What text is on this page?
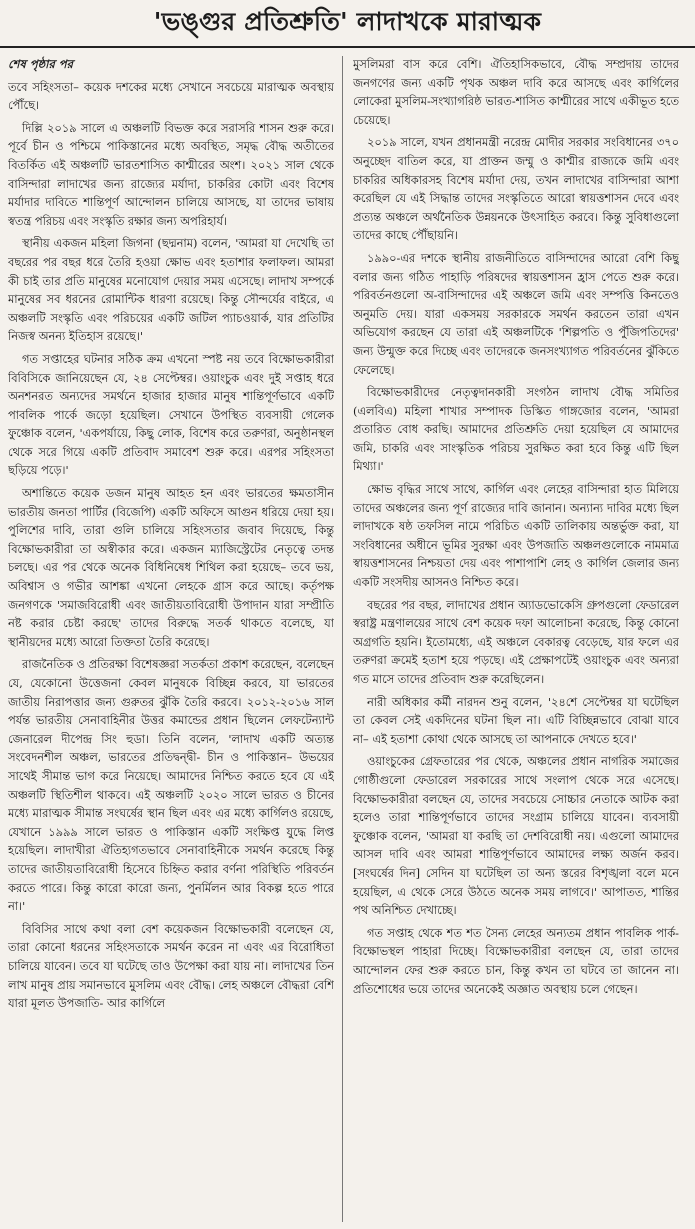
'ভঙ্গুর প্রতিশ্রুতি' লাদাখকে মারাত্মক

শেষ পৃষ্ঠার পর

তবে সহিংসতা– কয়েক দশকের মধ্যে সেখানে সবচেয়ে মারাত্মক অবস্থায় পৌঁছে।

দিল্লি ২০১৯ সালে এ অঞ্চলটি বিভক্ত করে সরাসরি শাসন শুরু করে। পূর্বে চীন ও পশ্চিমে পাকিস্তানের মধ্যে অবস্থিত, সমৃদ্ধ বৌদ্ধ অতীতের বিতর্কিত এই অঞ্চলটি ভারতশাসিত কাশ্মীরের অংশ। ২০২১ সাল থেকে বাসিন্দারা লাদাখের জন্য রাজ্যের মর্যাদা, চাকরির কোটা এবং বিশেষ মর্যাদার দাবিতে শান্তিপূর্ণ আন্দোলন চালিয়ে আসছে, যা তাদের ভাষায় স্বতন্ত্র পরিচয় এবং সংস্কৃতি রক্ষার জন্য অপরিহার্য।

স্থানীয় একজন মহিলা জিগনা (ছদ্মনাম) বলেন, 'আমরা যা দেখেছি তা বছরের পর বছর ধরে তৈরি হওয়া ক্ষোভ এবং হতাশার ফলাফল। আমরা কী চাই তার প্রতি মানুষের মনোযোগ দেয়ার সময় এসেছে। লাদাখ সম্পর্কে মানুষের সব ধরনের রোমান্টিক ধারণা রয়েছে। কিন্তু সৌন্দর্যের বাইরে, এ অঞ্চলটি সংস্কৃতি এবং পরিচয়ের একটি জটিল প্যাচওয়ার্ক, যার প্রতিটির নিজস্ব অনন্য ইতিহাস রয়েছে।'

গত সপ্তাহের ঘটনার সঠিক ক্রম এখনো স্পষ্ট নয় তবে বিক্ষোভকারীরা বিবিসিকে জানিয়েছেন যে, ২৪ সেপ্টেম্বর। ওয়াংচুক এবং দুই সপ্তাহ ধরে অনশনরত অন্যদের সমর্থনে হাজার হাজার মানুষ শান্তিপূর্ণভাবে একটি পাবলিক পার্কে জড়ো হয়েছিল। সেখানে উপস্থিত ব্যবসায়ী গেলেক ফুঞ্চোক বলেন, 'একপর্যায়ে, কিছু লোক, বিশেষ করে তরুণরা, অনুষ্ঠানস্থল থেকে সরে গিয়ে একটি প্রতিবাদ সমাবেশ শুরু করে। এরপর সহিংসতা ছড়িয়ে পড়ে।'

অশান্তিতে কয়েক ডজন মানুষ আহত হন এবং ভারতের ক্ষমতাসীন ভারতীয় জনতা পার্টির (বিজেপি) একটি অফিসে আগুন ধরিয়ে দেয়া হয়। পুলিশের দাবি, তারা গুলি চালিয়ে সহিংসতার জবাব দিয়েছে, কিন্তু বিক্ষোভকারীরা তা অস্বীকার করে। একজন ম্যাজিস্ট্রেটের নেতৃত্বে তদন্ত চলছে। এর পর থেকে অনেক বিধিনিষেধ শিথিল করা হয়েছে– তবে ভয়, অবিশ্বাস ও গভীর আশঙ্কা এখনো লেহকে গ্রাস করে আছে। কর্তৃপক্ষ জনগণকে 'সমাজবিরোধী এবং জাতীয়তাবিরোধী উপাদান যারা সম্প্রীতি নষ্ট করার চেষ্টা করছে' তাদের বিরুদ্ধে সতর্ক থাকতে বলেছে, যা স্থানীয়দের মধ্যে আরো তিক্ততা তৈরি করেছে।

রাজনৈতিক ও প্রতিরক্ষা বিশেষজ্ঞরা সতর্কতা প্রকাশ করেছেন, বলেছেন যে, যেকোনো উত্তেজনা কেবল মানুষকে বিচ্ছিন্ন করবে, যা ভারতের জাতীয় নিরাপত্তার জন্য গুরুতর ঝুঁকি তৈরি করবে। ২০১২-২০১৬ সাল পর্যন্ত ভারতীয় সেনাবাহিনীর উত্তর কমান্ডের প্রধান ছিলেন লেফটেন্যান্ট জেনারেল দীপেন্দ্র সিং হুডা। তিনি বলেন, 'লাদাখ একটি অত্যন্ত সংবেদনশীল অঞ্চল, ভারতের প্রতিদ্বন্দ্বী- চীন ও পাকিস্তান– উভয়ের সাথেই সীমান্ত ভাগ করে নিয়েছে। আমাদের নিশ্চিত করতে হবে যে এই অঞ্চলটি স্থিতিশীল থাকবে। এই অঞ্চলটি ২০২০ সালে ভারত ও চীনের মধ্যে মারাত্মক সীমান্ত সংঘর্ষের স্থান ছিল এবং এর মধ্যে কার্গিলও রয়েছে, যেখানে ১৯৯৯ সালে ভারত ও পাকিস্তান একটি সংক্ষিপ্ত যুদ্ধে লিপ্ত হয়েছিল। লাদাখীরা ঐতিহ্যগতভাবে সেনাবাহিনীকে সমর্থন করেছে কিন্তু তাদের জাতীয়তাবিরোধী হিসেবে চিহ্নিত করার বর্ণনা পরিস্থিতি পরিবর্তন করতে পারে। কিন্তু কারো কারো জন্য, পুনর্মিলন আর বিকল্প হতে পারে না।'

বিবিসির সাথে কথা বলা বেশ কয়েকজন বিক্ষোভকারী বলেছেন যে, তারা কোনো ধরনের সহিংসতাকে সমর্থন করেন না এবং এর বিরোধিতা চালিয়ে যাবেন। তবে যা ঘটেছে তাও উপেক্ষা করা যায় না। লাদাখের তিন লাখ মানুষ প্রায় সমানভাবে মুসলিম এবং বৌদ্ধ। লেহ অঞ্চলে বৌদ্ধরা বেশি যারা মূলত উপজাতি- আর কার্গিলে

মুসলিমরা বাস করে বেশি। ঐতিহাসিকভাবে, বৌদ্ধ সম্প্রদায় তাদের জনগণের জন্য একটি পৃথক অঞ্চল দাবি করে আসছে এবং কার্গিলের লোকেরা মুসলিম-সংখ্যাগরিষ্ঠ ভারত-শাসিত কাশ্মীরের সাথে একীভূত হতে চেয়েছে।

২০১৯ সালে, যখন প্রধানমন্ত্রী নরেন্দ্র মোদীর সরকার সংবিধানের ৩৭০ অনুচ্ছেদ বাতিল করে, যা প্রাক্তন জম্মু ও কাশ্মীর রাজ্যকে জমি এবং চাকরির অধিকারসহ বিশেষ মর্যাদা দেয়, তখন লাদাখের বাসিন্দারা আশা করেছিল যে এই সিদ্ধান্ত তাদের সংস্কৃতিতে আরো স্বায়ত্তশাসন দেবে এবং প্রত্যন্ত অঞ্চলে অর্থনৈতিক উন্নয়নকে উৎসাহিত করবে। কিন্তু সুবিধাগুলো তাদের কাছে পৌঁছায়নি।

১৯৯০-এর দশকে স্থানীয় রাজনীতিতে বাসিন্দাদের আরো বেশি কিছু বলার জন্য গঠিত পাহাড়ি পরিষদের স্বায়ত্তশাসন হ্রাস পেতে শুরু করে। পরিবর্তনগুলো অ-বাসিন্দাদের এই অঞ্চলে জমি এবং সম্পত্তি কিনতেও অনুমতি দেয়। যারা একসময় সরকারকে সমর্থন করতেন তারা এখন অভিযোগ করছেন যে তারা এই অঞ্চলটিকে 'শিল্পপতি ও পুঁজিপতিদের' জন্য উন্মুক্ত করে দিচ্ছে এবং তাদেরকে জনসংখ্যাগত পরিবর্তনের ঝুঁকিতে ফেলেছে।

বিক্ষোভকারীদের নেতৃত্বদানকারী সংগঠন লাদাখ বৌদ্ধ সমিতির (এলবিএ) মহিলা শাখার সম্পাদক ডিস্কিত গাঙ্গজোর বলেন, 'আমরা প্রতারিত বোধ করছি। আমাদের প্রতিশ্রুতি দেয়া হয়েছিল যে আমাদের জমি, চাকরি এবং সাংস্কৃতিক পরিচয় সুরক্ষিত করা হবে কিন্তু এটি ছিল মিথ্যা।'

ক্ষোভ বৃদ্ধির সাথে সাথে, কার্গিল এবং লেহের বাসিন্দারা হাত মিলিয়ে তাদের অঞ্চলের জন্য পূর্ণ রাজ্যের দাবি জানান। অন্যান্য দাবির মধ্যে ছিল লাদাখকে ষষ্ঠ তফসিল নামে পরিচিত একটি তালিকায় অন্তর্ভুক্ত করা, যা সংবিধানের অধীনে ভূমির সুরক্ষা এবং উপজাতি অঞ্চলগুলোকে নামমাত্র স্বায়ত্তশাসনের নিশ্চয়তা দেয় এবং পাশাপাশি লেহ ও কার্গিল জেলার জন্য একটি সংসদীয় আসনও নিশ্চিত করে।

বছরের পর বছর, লাদাখের প্রধান অ্যাডভোকেসি গ্রুপগুলো ফেডারেল স্বরাষ্ট্র মন্ত্রণালয়ের সাথে বেশ কয়েক দফা আলোচনা করেছে, কিন্তু কোনো অগ্রগতি হয়নি। ইতোমধ্যে, এই অঞ্চলে বেকারত্ব বেড়েছে, যার ফলে এর তরুণরা ক্রমেই হতাশ হয়ে পড়ছে। এই প্রেক্ষাপটেই ওয়াংচুক এবং অন্যরা গত মাসে তাদের প্রতিবাদ শুরু করেছিলেন।

নারী অধিকার কর্মী নারদন শুনু বলেন, '২৪শে সেপ্টেম্বর যা ঘটেছিল তা কেবল সেই একদিনের ঘটনা ছিল না। এটি বিচ্ছিন্নভাবে বোঝা যাবে না– এই হতাশা কোথা থেকে আসছে তা আপনাকে দেখতে হবে।'

ওয়াংচুকের গ্রেফতারের পর থেকে, অঞ্চলের প্রধান নাগরিক সমাজের গোষ্ঠীগুলো ফেডারেল সরকারের সাথে সংলাপ থেকে সরে এসেছে। বিক্ষোভকারীরা বলছেন যে, তাদের সবচেয়ে সোচ্চার নেতাকে আটক করা হলেও তারা শান্তিপূর্ণভাবে তাদের সংগ্রাম চালিয়ে যাবেন। ব্যবসায়ী ফুঞ্চোক বলেন, 'আমরা যা করছি তা দেশবিরোধী নয়। এগুলো আমাদের আসল দাবি এবং আমরা শান্তিপূর্ণভাবে আমাদের লক্ষ্য অর্জন করব। [সংঘর্ষের দিন] সেদিন যা ঘটেছিল তা অন্য স্তরের বিশৃঙ্খলা বলে মনে হয়েছিল, এ থেকে সেরে উঠতে অনেক সময় লাগবে।' আপাতত, শান্তির পথ অনিশ্চিত দেখাচ্ছে।

গত সপ্তাহ থেকে শত শত সৈন্য লেহের অন্যতম প্রধান পাবলিক পার্ক- বিক্ষোভস্থল পাহারা দিচ্ছে। বিক্ষোভকারীরা বলছেন যে, তারা তাদের আন্দোলন ফের শুরু করতে চান, কিন্তু কখন তা ঘটবে তা জানেন না। প্রতিশোধের ভয়ে তাদের অনেকেই অজ্ঞাত অবস্থায় চলে গেছেন।
